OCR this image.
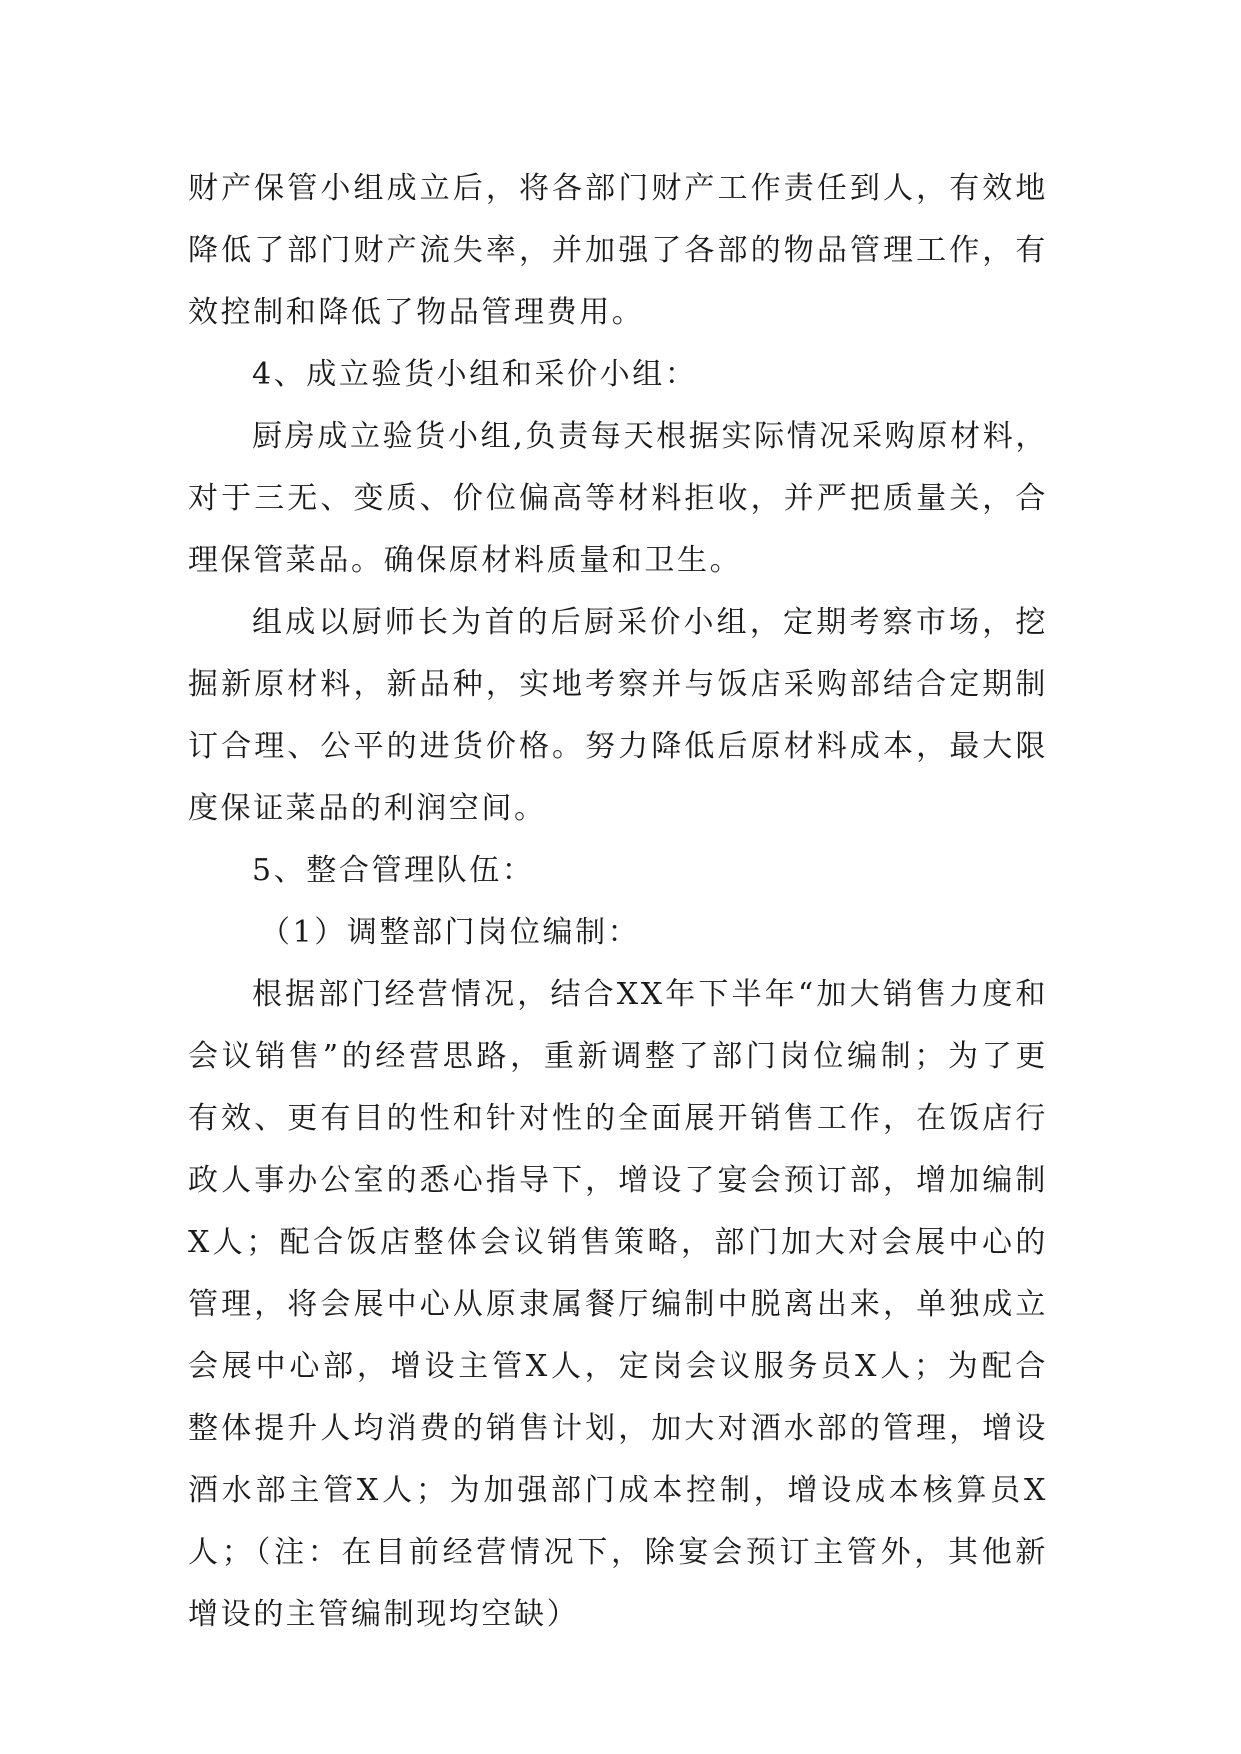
财产保管小组成立后，将各部门财产工作责任到人，有效地降低了部门财产流失率，并加强了各部的物品管理工作，有效控制和降低了物品管理费用。

4、成立验货小组和采价小组：

厨房成立验货小组,负责每天根据实际情况采购原材料，对于三无、变质、价位偏高等材料拒收，并严把质量关，合理保管菜品。确保原材料质量和卫生。

组成以厨师长为首的后厨采价小组，定期考察市场，挖掘新原材料，新品种，实地考察并与饭店采购部结合定期制订合理、公平的进货价格。努力降低后原材料成本，最大限度保证菜品的利润空间。

5、整合管理队伍：

（1）调整部门岗位编制：

根据部门经营情况，结合XX年下半年“加大销售力度和会议销售”的经营思路，重新调整了部门岗位编制；为了更有效、更有目的性和针对性的全面展开销售工作，在饭店行政人事办公室的悉心指导下，增设了宴会预订部，增加编制X人；配合饭店整体会议销售策略，部门加大对会展中心的管理，将会展中心从原隶属餐厅编制中脱离出来，单独成立会展中心部，增设主管X人，定岗会议服务员X人；为配合整体提升人均消费的销售计划，加大对酒水部的管理，增设酒水部主管X人；为加强部门成本控制，增设成本核算员X人；（注：在目前经营情况下，除宴会预订主管外，其他新增设的主管编制现均空缺）
